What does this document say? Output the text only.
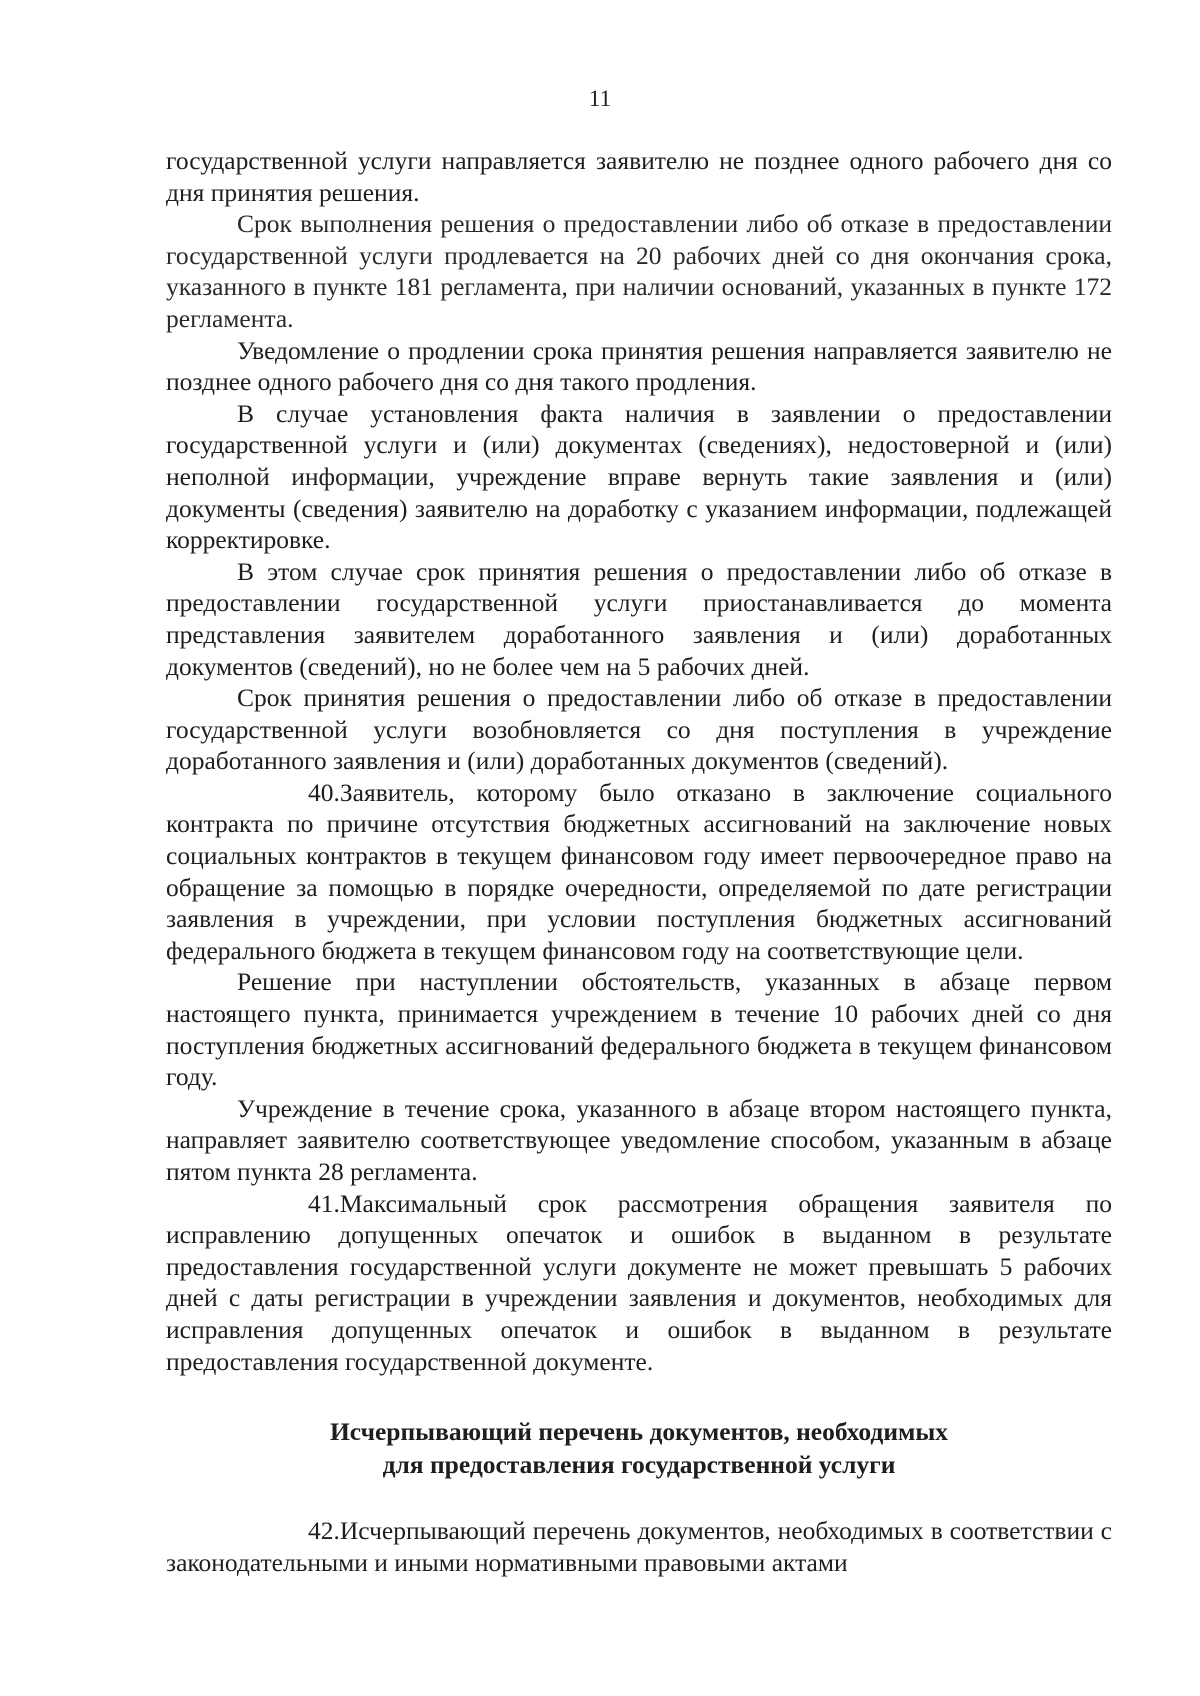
11

государственной услуги направляется заявителю не позднее одного рабочего дня со дня принятия решения.

Срок выполнения решения о предоставлении либо об отказе в предоставлении государственной услуги продлевается на 20 рабочих дней со дня окончания срока, указанного в пункте 181 регламента, при наличии оснований, указанных в пункте 172 регламента.

Уведомление о продлении срока принятия решения направляется заявителю не позднее одного рабочего дня со дня такого продления.

В случае установления факта наличия в заявлении о предоставлении государственной услуги и (или) документах (сведениях), недостоверной и (или) неполной информации, учреждение вправе вернуть такие заявления и (или) документы (сведения) заявителю на доработку с указанием информации, подлежащей корректировке.

В этом случае срок принятия решения о предоставлении либо об отказе в предоставлении государственной услуги приостанавливается до момента представления заявителем доработанного заявления и (или) доработанных документов (сведений), но не более чем на 5 рабочих дней.

Срок принятия решения о предоставлении либо об отказе в предоставлении государственной услуги возобновляется со дня поступления в учреждение доработанного заявления и (или) доработанных документов (сведений).

40.Заявитель, которому было отказано в заключение социального контракта по причине отсутствия бюджетных ассигнований на заключение новых социальных контрактов в текущем финансовом году имеет первоочередное право на обращение за помощью в порядке очередности, определяемой по дате регистрации заявления в учреждении, при условии поступления бюджетных ассигнований федерального бюджета в текущем финансовом году на соответствующие цели.

Решение при наступлении обстоятельств, указанных в абзаце первом настоящего пункта, принимается учреждением в течение 10 рабочих дней со дня поступления бюджетных ассигнований федерального бюджета в текущем финансовом году.

Учреждение в течение срока, указанного в абзаце втором настоящего пункта, направляет заявителю соответствующее уведомление способом, указанным в абзаце пятом пункта 28 регламента.

41.Максимальный срок рассмотрения обращения заявителя по исправлению допущенных опечаток и ошибок в выданном в результате предоставления государственной услуги документе не может превышать 5 рабочих дней с даты регистрации в учреждении заявления и документов, необходимых для исправления допущенных опечаток и ошибок в выданном в результате предоставления государственной документе.

Исчерпывающий перечень документов, необходимых
для предоставления государственной услуги

42.Исчерпывающий перечень документов, необходимых в соответствии с законодательными и иными нормативными правовыми актами
